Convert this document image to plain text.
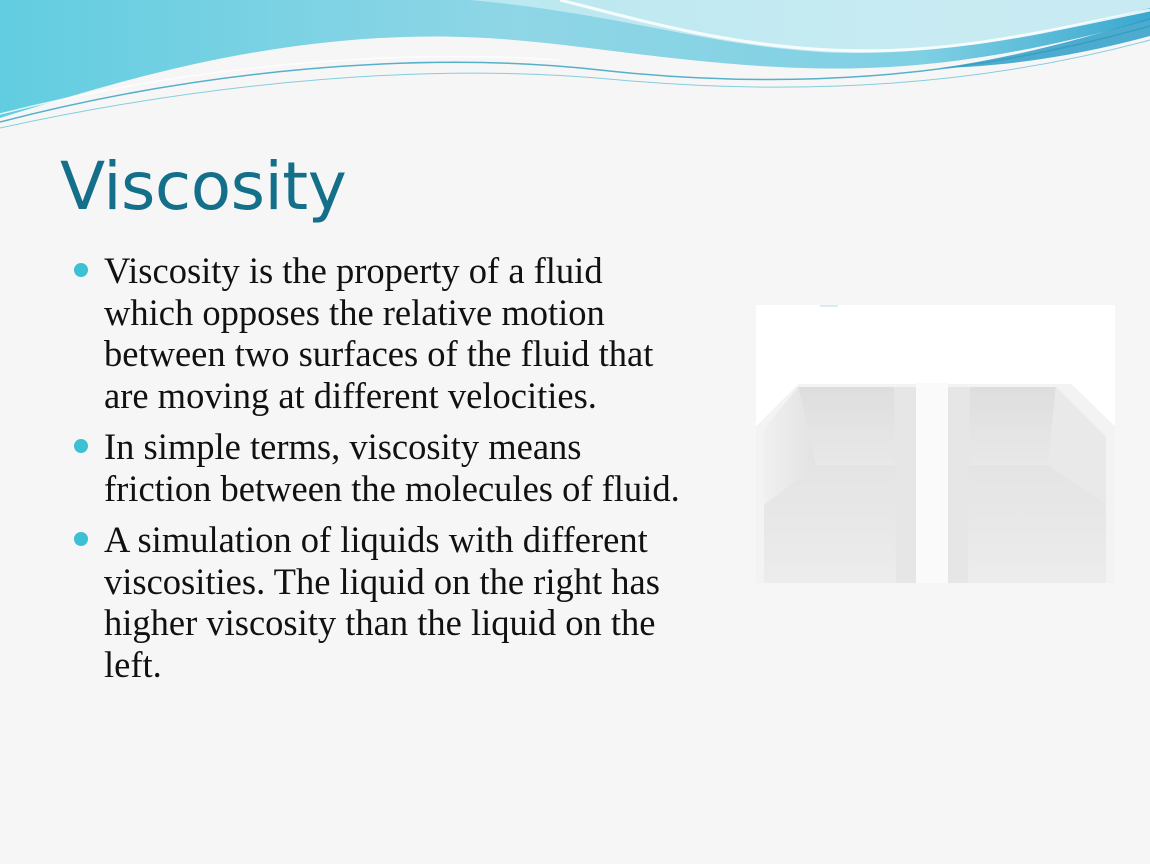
Viscosity
Viscosity is the property of a fluid which opposes the relative motion between two surfaces of the fluid that are moving at different velocities.
In simple terms, viscosity means friction between the molecules of fluid.
A simulation of liquids with different viscosities. The liquid on the right has higher viscosity than the liquid on the left.
